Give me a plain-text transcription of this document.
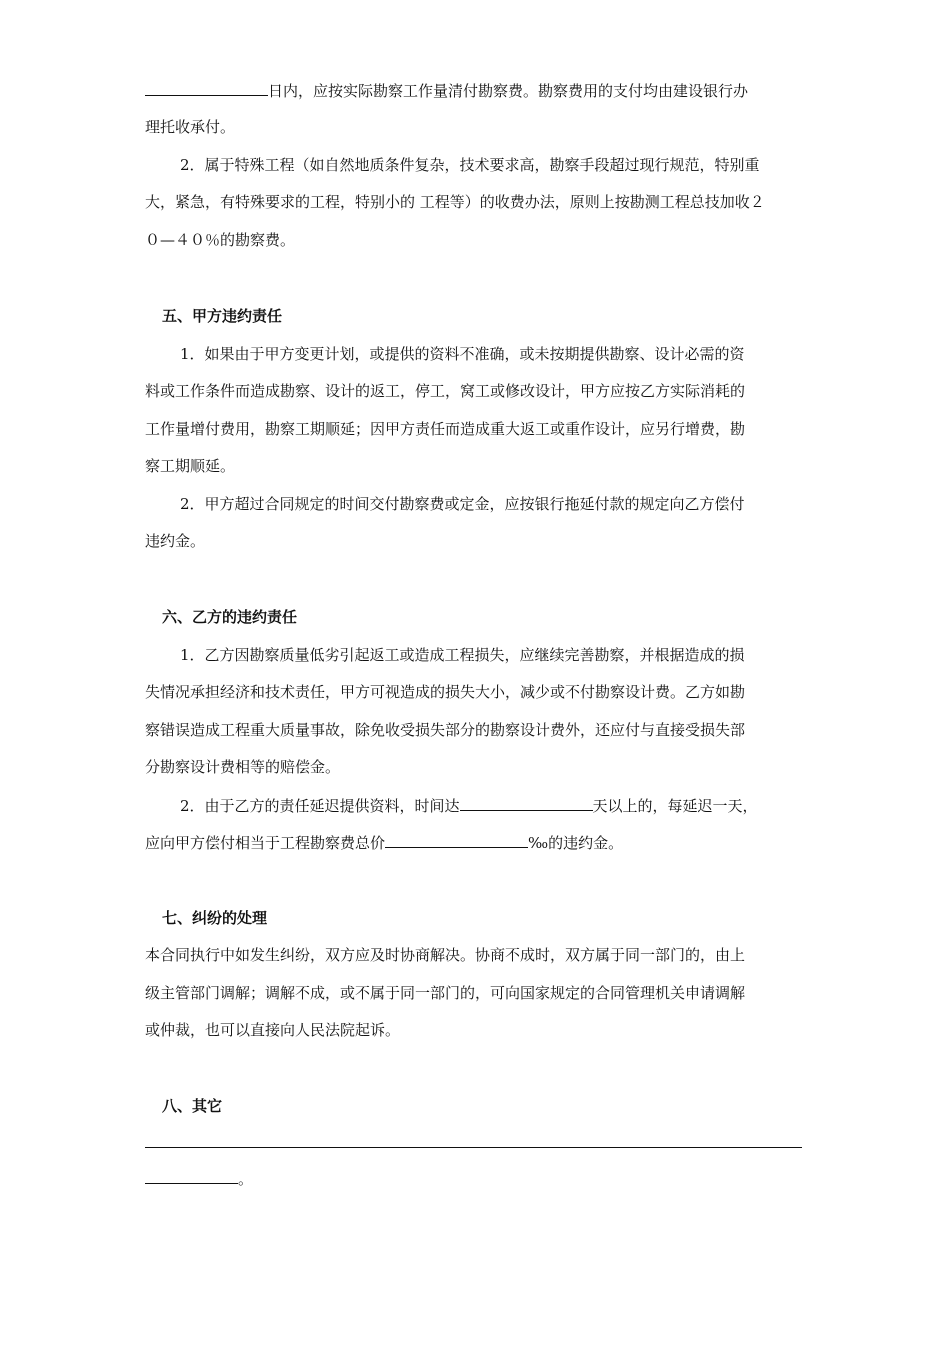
日内，应按实际勘察工作量清付勘察费。勘察费用的支付均由建设银行办
理托收承付。
2．属于特殊工程（如自然地质条件复杂，技术要求高，勘察手段超过现行规范，特别重
大，紧急，有特殊要求的工程，特别小的 工程等）的收费办法，原则上按勘测工程总技加收２
０—４０％的勘察费。
五、甲方违约责任
1．如果由于甲方变更计划，或提供的资料不准确，或未按期提供勘察、设计必需的资
料或工作条件而造成勘察、设计的返工，停工，窝工或修改设计，甲方应按乙方实际消耗的
工作量增付费用，勘察工期顺延；因甲方责任而造成重大返工或重作设计，应另行增费，勘
察工期顺延。
2．甲方超过合同规定的时间交付勘察费或定金，应按银行拖延付款的规定向乙方偿付
违约金。
六、乙方的违约责任
1．乙方因勘察质量低劣引起返工或造成工程损失，应继续完善勘察，并根据造成的损
失情况承担经济和技术责任，甲方可视造成的损失大小，减少或不付勘察设计费。乙方如勘
察错误造成工程重大质量事故，除免收受损失部分的勘察设计费外，还应付与直接受损失部
分勘察设计费相等的赔偿金。
2．由于乙方的责任延迟提供资料，时间达	天以上的，每延迟一天，
应向甲方偿付相当于工程勘察费总价	‰的违约金。
七、纠纷的处理
本合同执行中如发生纠纷，双方应及时协商解决。协商不成时，双方属于同一部门的，由上
级主管部门调解；调解不成，或不属于同一部门的，可向国家规定的合同管理机关申请调解
或仲裁，也可以直接向人民法院起诉。
八、其它
。
